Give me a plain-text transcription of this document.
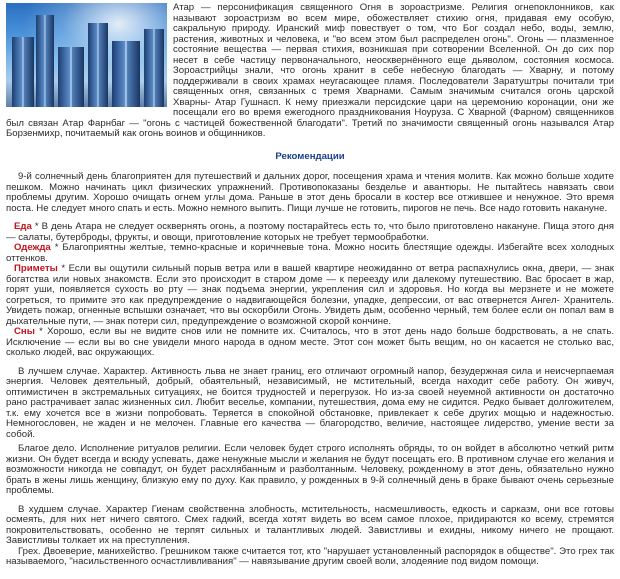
Атар — персонификация священного Огня в зороастризме. Религия огнепоклонников, как называют зороастризм во всем мире, обожествляет стихию огня, придавая ему особую, сакральную природу. Иранский миф повествует о том, что Бог создал небо, воды, землю, растения, животных и человека, и "во всем этом был распределен огонь". Огонь — плазменное состояние вещества — первая стихия, возникшая при сотворении Вселенной. Он до сих пор несет в себе частицу первоначального, неосквернённого еще дьяволом, состояния космоса. Зороастрийцы знали, что огонь хранит в себе небесную благодать — Хварну, и потому поддерживали в своих храмах неугасающее пламя. Последователи Заратуштры почитали три священных огня, связанных с тремя Хварнами. Самым значимым считался огонь царской Хварны- Атар Гушнасп. К нему приезжали персидские цари на церемонию коронации, они же посещали его во время ежегодного праздникования Ноуруза. С Хварной (Фарном) священников был связан Атар Фарнбаг — "огонь с частицей божественной благодати". Третий по значимости священный огонь назывался Атар Борзенмихр, почитаемый как огонь воинов и общинников.

Рекомендации

9-й солнечный день благоприятен для путешествий и дальних дорог, посещения храма и чтения молитв. Как можно больше ходите пешком. Можно начинать цикл физических упражнений. Противопоказаны безделье и авантюры. Не пытайтесь навязать свои проблемы другим. Хорошо очищать огнем углы дома. Раньше в этот день бросали в костер все отжившее и ненужное. Это время поста. Не следует много спать и есть. Можно немного выпить. Пищи лучше не готовить, пирогов не печь. Все надо готовить накануне.

Еда * В день Атара не следует осквернять огонь, а поэтому постарайтесь есть то, что было приготовлено накануне. Пища этого дня — салаты, бутерброды, фрукты, и овощи, приготовление которых не требует термообработки.

Одежда * Благоприятны желтые, темно-красные и коричневые тона. Можно носить блестящие одежды. Избегайте всех холодных оттенков.

Приметы * Если вы ощутили сильный порыв ветра или в вашей квартире неожиданно от ветра распахнулись окна, двери, — знак богатства или новых знакомств. Если это происходит в старом доме — к переезду или далекому путешествию. Вас бросает в жар, горят уши, появляется сухость во рту — знак подъема энергии, укрепления сил и здоровья. Но когда вы мерзнете и не можете согреться, то примите это как предупреждение о надвигающейся болезни, упадке, депрессии, от вас отвернется Ангел- Хранитель. Увидеть пожар, огненные вспышки означает, что вы оскорбили Огонь. Увидеть дым, особенно черный, тем более если он попал вам в дыхательные пути, — знак потери сил, предупреждение о возможной скорой кончине.

Сны * Хорошо, если вы не видите снов или не помните их. Считалось, что в этот день надо больше бодрствовать, а не спать. Исключение — если вы во сне увидели много народа в одном месте. Этот сон может быть вещим, но он касается не столько вас, сколько людей, вас окружающих.

В лучшем случае. Характер. Активность льва не знает границ, его отличают огромный напор, безудержная сила и неисчерпаемая энергия. Человек деятельный, добрый, обаятельный, независимый, не мстительный, всегда находит себе работу. Он живуч, оптимистичен в экстремальных ситуациях, не боится трудностей и перегрузок. Но из-за своей неуемной активности он достаточно рано растрачивает запас жизненных сил. Любит веселье, компании, путешествия, дома ему не сидится. Редко бывает долгожителем, т.к. ему хочется все в жизни попробовать. Теряется в спокойной обстановке, привлекает к себе других мощью и надежностью. Немногословен, не жаден и не мелочен. Главные его качества — благородство, величие, настоящее лидерство, умение вести за собой.

Благое дело. Исполнение ритуалов религии. Если человек будет строго исполнять обряды, то он войдет в абсолютно четкий ритм жизни. Он будет всегда и всюду успевать, даже ненужные мысли и желания не будут посещать его. В противном случае его желания и возможности никогда не совпадут, он будет расхлябанным и разболтанным. Человеку, рожденному в этот день, обязательно нужно брать в жены лишь женщину, близкую ему по духу. Как правило, у рожденных в 9-й солнечный день в браке бывают очень серьезные проблемы.

В худшем случае. Характер Гиенам свойственна злобность, мстительность, насмешливость, едкость и сарказм, они все готовы осмеять, для них нет ничего святого. Смех гадкий, всегда хотят видеть во всем самое плохое, придираются ко всему, стремятся покровительствовать, особенно не терпят сильных и талантливых людей. Завистливы и ехидны, никому ничего не прощают. Завистливы толкает их на преступления.

Грех. Двоеверие, манихейство. Грешником также считается тот, кто "нарушает установленный распорядок в обществе". Это грех так называемого, "насильственного осчастливливания" — навязывание другим своей воли, злодеяние под видом помощи.
